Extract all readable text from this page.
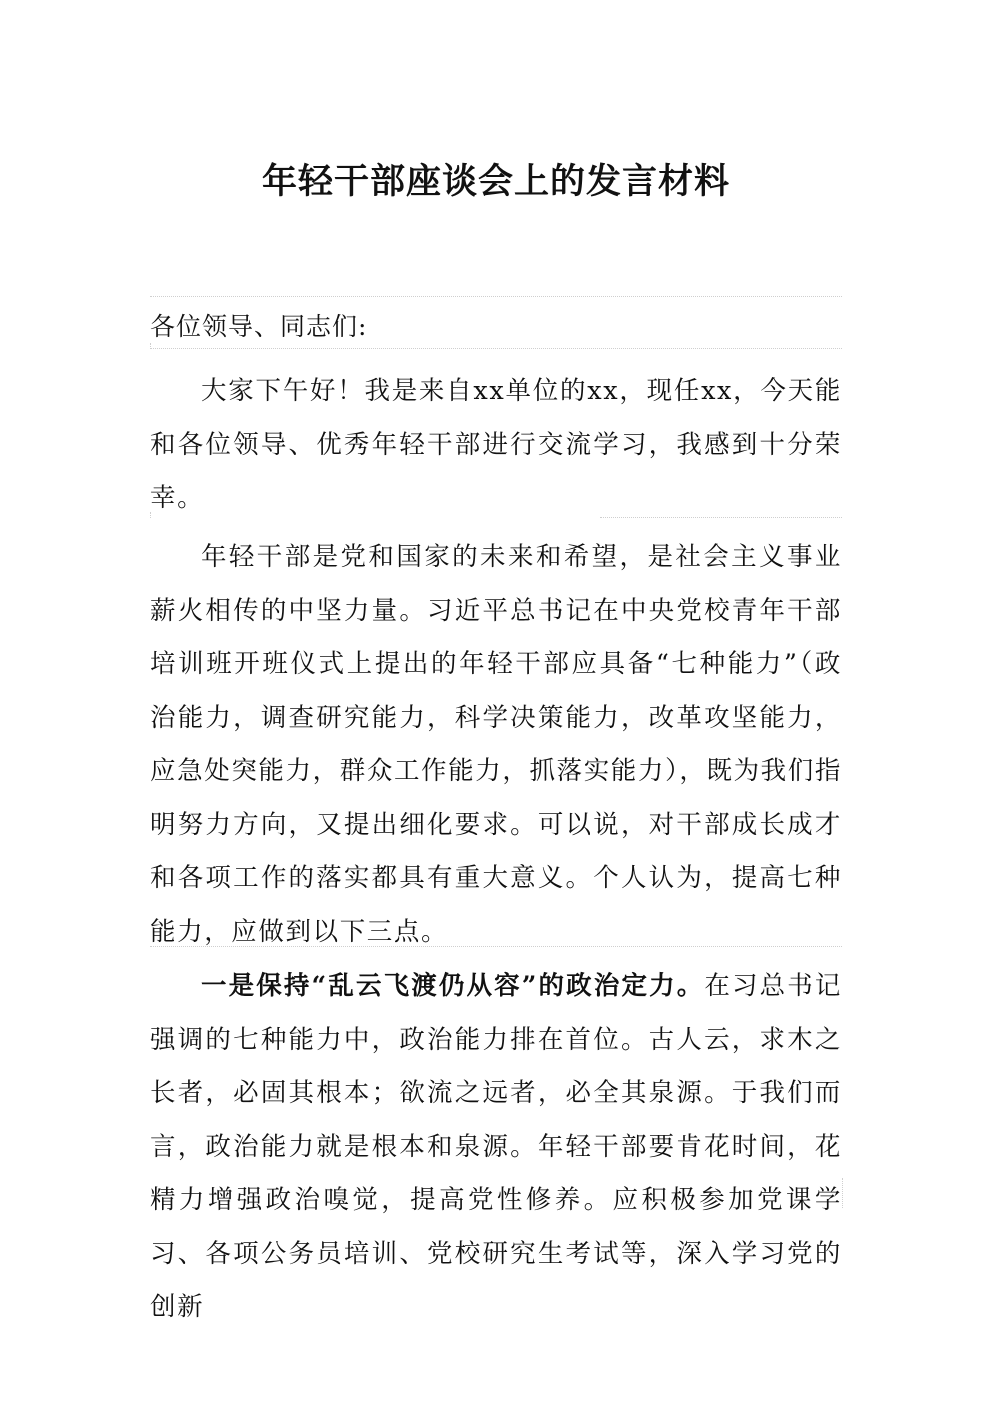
年轻干部座谈会上的发言材料
各位领导、同志们:

大家下午好！我是来自xx单位的xx，现任xx，今天能和各位领导、优秀年轻干部进行交流学习，我感到十分荣幸。

年轻干部是党和国家的未来和希望，是社会主义事业薪火相传的中坚力量。习近平总书记在中央党校青年干部培训班开班仪式上提出的年轻干部应具备“七种能力”（政治能力，调查研究能力，科学决策能力，改革攻坚能力，应急处突能力，群众工作能力，抓落实能力），既为我们指明努力方向，又提出细化要求。可以说，对干部成长成才和各项工作的落实都具有重大意义。个人认为，提高七种能力，应做到以下三点。

一是保持“乱云飞渡仍从容”的政治定力。在习总书记强调的七种能力中，政治能力排在首位。古人云，求木之长者，必固其根本；欲流之远者，必全其泉源。于我们而言，政治能力就是根本和泉源。年轻干部要肯花时间，花精力增强政治嗅觉，提高党性修养。应积极参加党课学习、各项公务员培训、党校研究生考试等，深入学习党的创新
